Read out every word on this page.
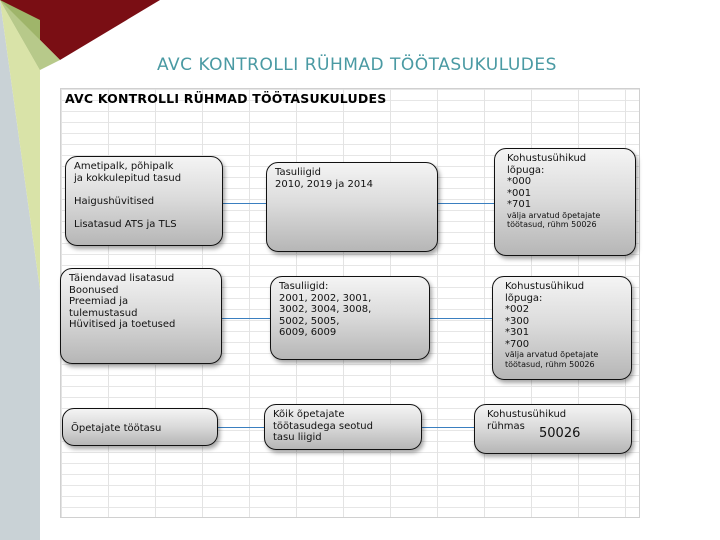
AVC KONTROLLI RÜHMAD TÖÖTASUKULUDES
AVC KONTROLLI RÜHMAD TÖÖTASUKULUDES
Ametipalk, põhipalk
ja kokkulepitud tasud

Haigushüvitised

Lisatasud ATS ja TLS
Tasuliigid
2010, 2019 ja 2014
Kohustusühikud
lõpuga:
*000
*001
*701
välja arvatud õpetajate
töötasud, rühm 50026
Täiendavad lisatasud
Boonused
Preemiad ja
tulemustasud
Hüvitised ja toetused
Tasuliigid:
2001, 2002, 3001,
3002, 3004, 3008,
5002, 5005,
6009, 6009
Kohustusühikud
lõpuga:
*002
*300
*301
*700
välja arvatud õpetajate
töötasud, rühm 50026
Õpetajate töötasu
Kõik õpetajate
töötasudega seotud
tasu liigid
Kohustusühikud
rühmas	50026
